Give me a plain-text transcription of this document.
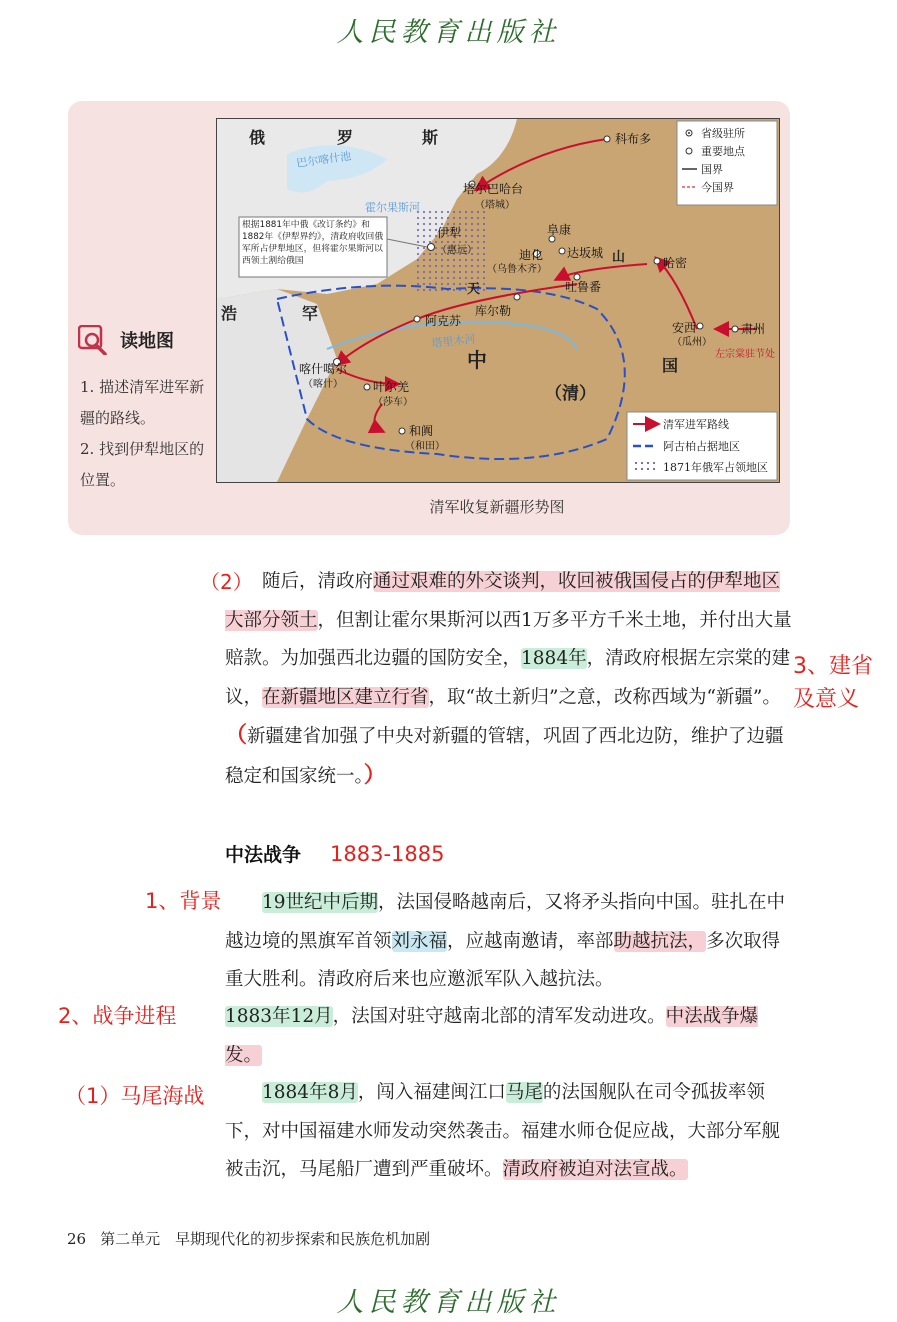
人民教育出版社
读地图
1. 描述清军进军新疆的路线。
2. 找到伊犁地区的位置。
省级驻所
重要地点
国界
今国界
清军进军路线
阿古柏占据地区
1871年俄军占领地区
俄	罗	斯
浩	罕
中	国
（清）
天
山
巴尔喀什池
霍尔果斯河
塔里木河
科布多
塔尔巴哈台
（塔城）
伊犁
（惠远）
阜康
迪化
（乌鲁木齐）
达坂城
哈密
吐鲁番
库尔勒
阿克苏	安西
（瓜州）
肃州
喀什噶尔
（喀什）	叶尔羌
（莎车）
和阗
（和田）
左宗棠驻节处
根据1881年中俄《改订条约》和1882年《伊犁界约》，清政府收回俄军所占伊犁地区，但将霍尔果斯河以西领土割给俄国
清军收复新疆形势图
（2） 随后，清政府通过艰难的外交谈判，收回被俄国侵占的伊犁地区大部分领土，但割让霍尔果斯河以西1万多平方千米土地，并付出大量赔款。为加强西北边疆的国防安全，1884年，清政府根据左宗棠的建议，在新疆地区建立行省，取“故土新归”之意，改称西域为“新疆”。（新疆建省加强了中央对新疆的管辖，巩固了西北边防，维护了边疆稳定和国家统一。）
3、建省及意义
中法战争 1883-1885
1、背景	19世纪中后期，法国侵略越南后，又将矛头指向中国。驻扎在中越边境的黑旗军首领刘永福，应越南邀请，率部助越抗法，多次取得重大胜利。清政府后来也应邀派军队入越抗法。
2、战争进程	1883年12月，法国对驻守越南北部的清军发动进攻。中法战争爆发。
（1）马尾海战	1884年8月，闯入福建闽江口马尾的法国舰队在司令孤拔率领下，对中国福建水师发动突然袭击。福建水师仓促应战，大部分军舰被击沉，马尾船厂遭到严重破坏。清政府被迫对法宣战。
26 第二单元　早期现代化的初步探索和民族危机加剧
人民教育出版社
